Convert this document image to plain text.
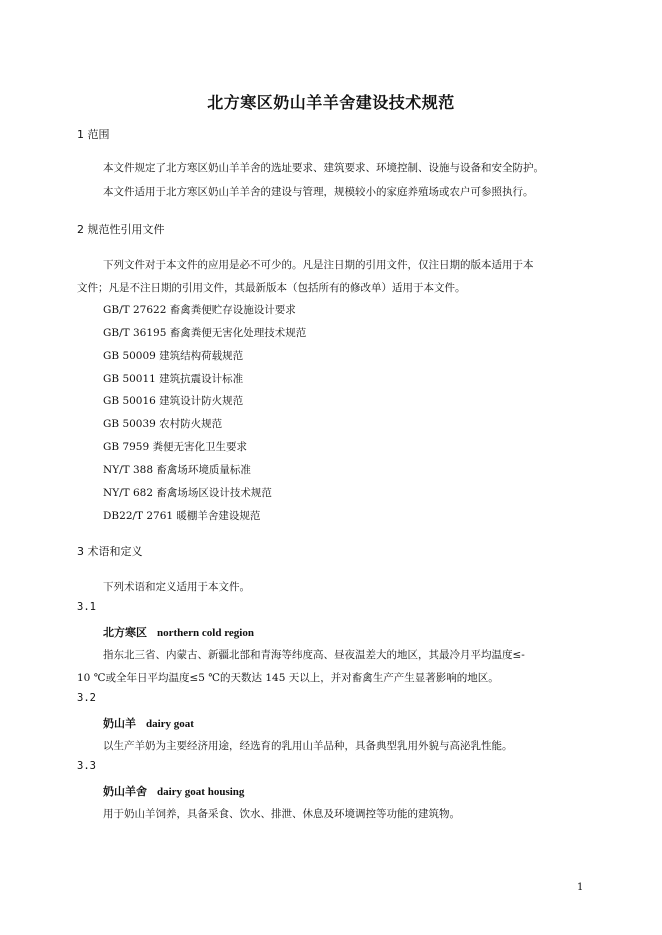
北方寒区奶山羊羊舍建设技术规范
1 范围
本文件规定了北方寒区奶山羊羊舍的选址要求、建筑要求、环境控制、设施与设备和安全防护。
本文件适用于北方寒区奶山羊羊舍的建设与管理，规模较小的家庭养殖场或农户可参照执行。
2 规范性引用文件
下列文件对于本文件的应用是必不可少的。凡是注日期的引用文件，仅注日期的版本适用于本
文件；凡是不注日期的引用文件，其最新版本（包括所有的修改单）适用于本文件。
GB/T 27622 畜禽粪便贮存设施设计要求
GB/T 36195 畜禽粪便无害化处理技术规范
GB 50009 建筑结构荷载规范
GB 50011 建筑抗震设计标准
GB 50016 建筑设计防火规范
GB 50039 农村防火规范
GB 7959 粪便无害化卫生要求
NY/T 388 畜禽场环境质量标准
NY/T 682 畜禽场场区设计技术规范
DB22/T 2761 暖棚羊舍建设规范
3 术语和定义
下列术语和定义适用于本文件。
3.1
北方寒区 northern cold region
指东北三省、内蒙古、新疆北部和青海等纬度高、昼夜温差大的地区，其最冷月平均温度≤-
10 ℃或全年日平均温度≤5 ℃的天数达 145 天以上，并对畜禽生产产生显著影响的地区。
3.2
奶山羊 dairy goat
以生产羊奶为主要经济用途，经选育的乳用山羊品种，具备典型乳用外貌与高泌乳性能。
3.3
奶山羊舍 dairy goat housing
用于奶山羊饲养，具备采食、饮水、排泄、休息及环境调控等功能的建筑物。
1
